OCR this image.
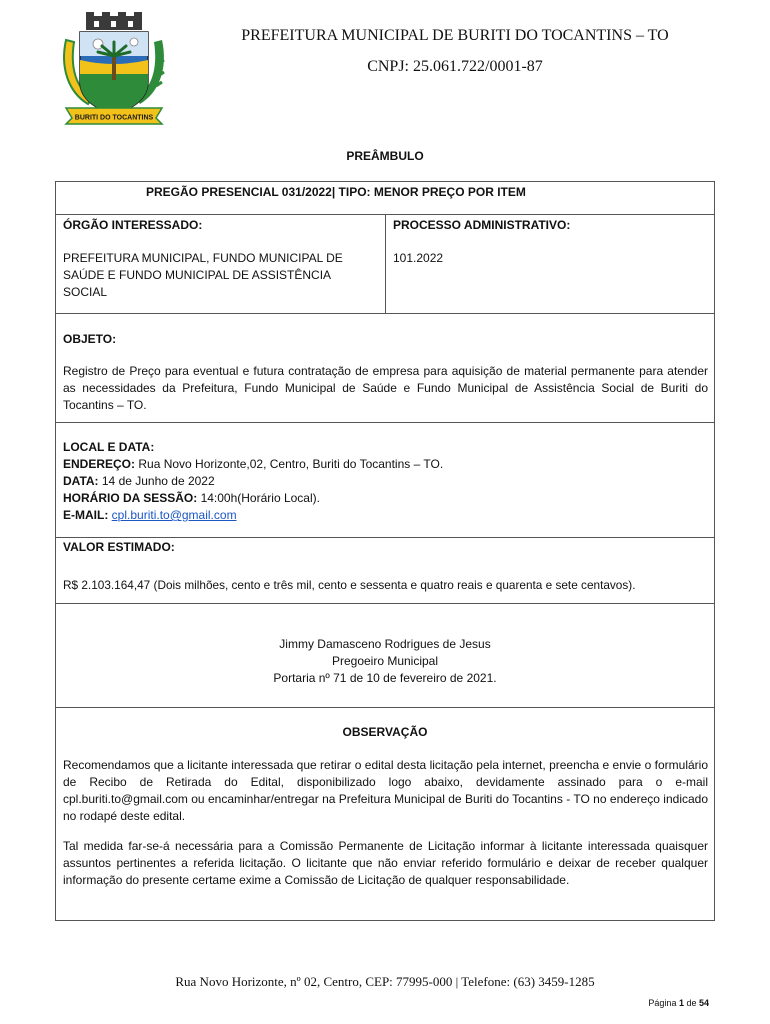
BURITI DO TOCANTINS
PREFEITURA MUNICIPAL DE BURITI DO TOCANTINS – TO
CNPJ: 25.061.722/0001-87
PREÂMBULO
PREGÃO PRESENCIAL 031/2022| TIPO: MENOR PREÇO POR ITEM
ÓRGÃO INTERESSADO:
PREFEITURA MUNICIPAL, FUNDO MUNICIPAL DE SAÚDE E FUNDO MUNICIPAL DE ASSISTÊNCIA SOCIAL
PROCESSO ADMINISTRATIVO:
101.2022
OBJETO:
Registro de Preço para eventual e futura contratação de empresa para aquisição de material permanente para atender as necessidades da Prefeitura, Fundo Municipal de Saúde e Fundo Municipal de Assistência Social de Buriti do Tocantins – TO.
LOCAL E DATA:
ENDEREÇO: Rua Novo Horizonte,02, Centro, Buriti do Tocantins – TO.
DATA: 14 de Junho de 2022
HORÁRIO DA SESSÃO: 14:00h(Horário Local).
E-MAIL: cpl.buriti.to@gmail.com
VALOR ESTIMADO:
R$ 2.103.164,47 (Dois milhões, cento e três mil, cento e sessenta e quatro reais e quarenta e sete centavos).
Jimmy Damasceno Rodrigues de Jesus
Pregoeiro Municipal
Portaria nº 71 de 10 de fevereiro de 2021.
OBSERVAÇÃO
Recomendamos que a licitante interessada que retirar o edital desta licitação pela internet, preencha e envie o formulário de Recibo de Retirada do Edital, disponibilizado logo abaixo, devidamente assinado para o e-mail cpl.buriti.to@gmail.com ou encaminhar/entregar na Prefeitura Municipal de Buriti do Tocantins - TO no endereço indicado no rodapé deste edital.
Tal medida far-se-á necessária para a Comissão Permanente de Licitação informar à licitante interessada quaisquer assuntos pertinentes a referida licitação. O licitante que não enviar referido formulário e deixar de receber qualquer informação do presente certame exime a Comissão de Licitação de qualquer responsabilidade.
Rua Novo Horizonte, nº 02, Centro, CEP: 77995-000 | Telefone: (63) 3459-1285
Página 1 de 54
